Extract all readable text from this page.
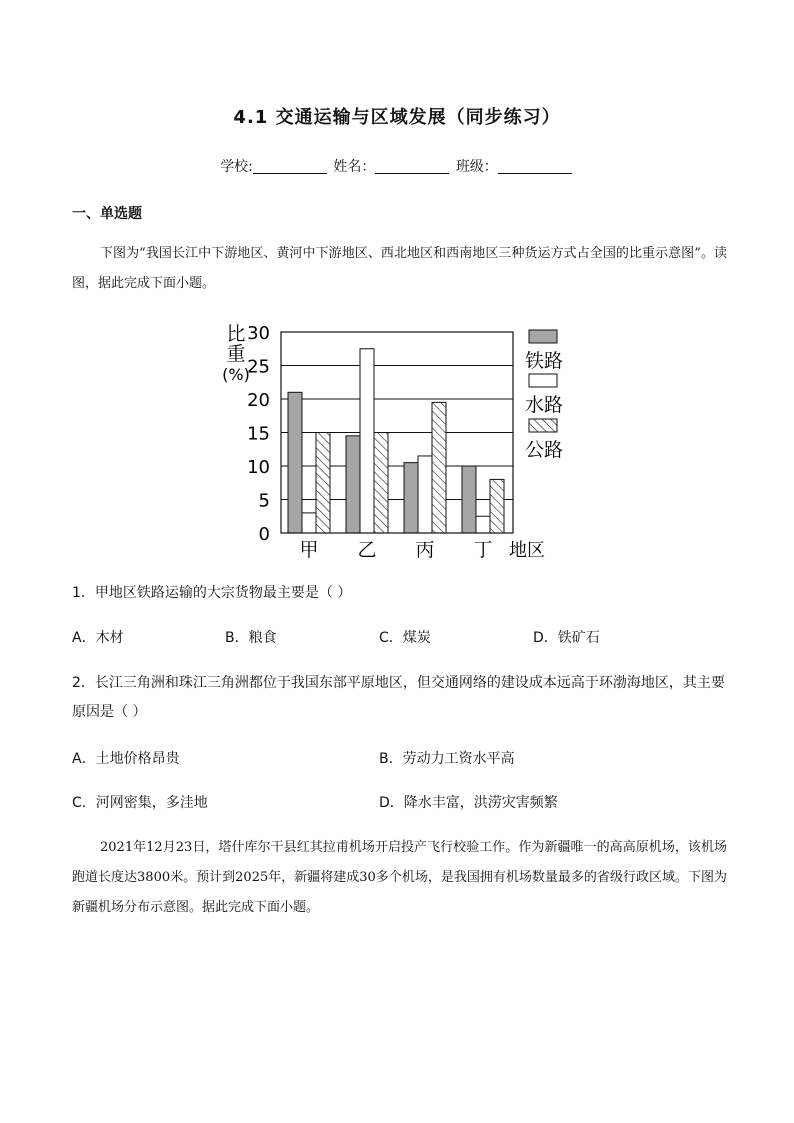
4.1 交通运输与区域发展（同步练习）
学校:	姓名：	班级：
一、单选题
下图为“我国长江中下游地区、黄河中下游地区、西北地区和西南地区三种货运方式占全国的比重示意图”。读图，据此完成下面小题。
0
5
10
15
20
25
30
甲 乙 丙 丁
比
重
(%)
地区
铁路
水路
公路
1．甲地区铁路运输的大宗货物最主要是（ ）
A．木材	B．粮食	C．煤炭	D．铁矿石
2．长江三角洲和珠江三角洲都位于我国东部平原地区，但交通网络的建设成本远高于环渤海地区，其主要原因是（ ）
A．土地价格昂贵	B．劳动力工资水平高
C．河网密集，多洼地	D．降水丰富，洪涝灾害频繁
2021年12月23日，塔什库尔干县红其拉甫机场开启投产飞行校验工作。作为新疆唯一的高高原机场，该机场跑道长度达3800米。预计到2025年，新疆将建成30多个机场，是我国拥有机场数量最多的省级行政区域。下图为新疆机场分布示意图。据此完成下面小题。
